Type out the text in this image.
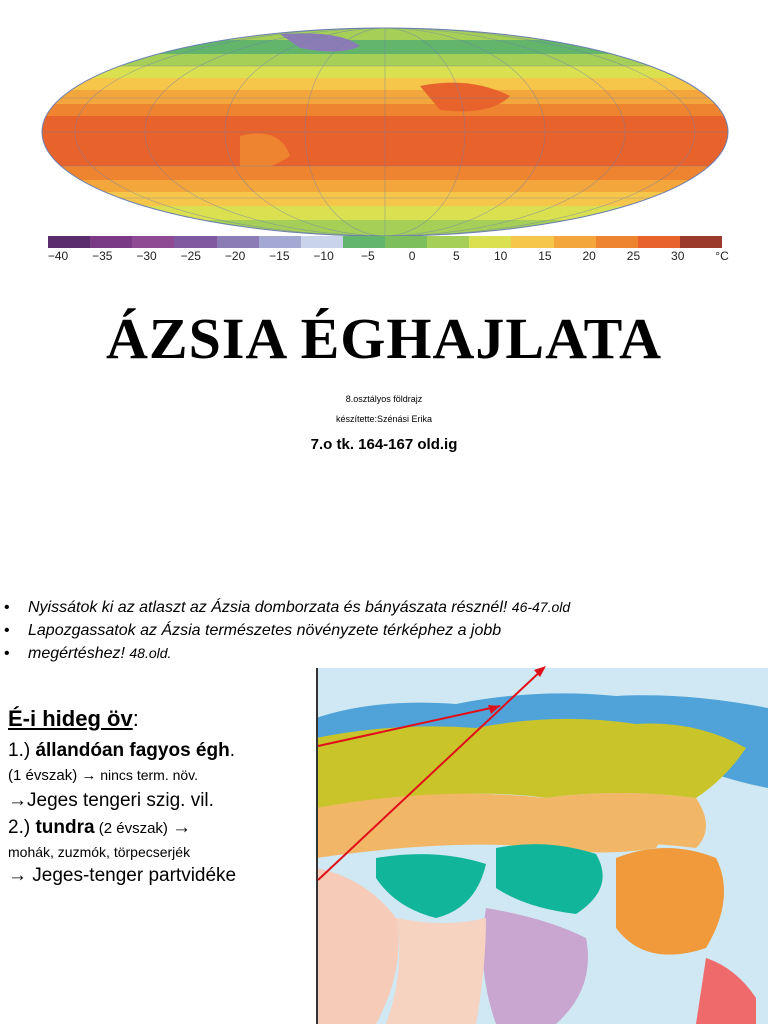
−40 −35 −30 −25 −20 −15 −10 −5	0	5	10	15	20	25	30	°C
ÁZSIA ÉGHAJLATA
8.osztályos földrajz
készítette:Szénási Erika
7.o tk. 164-167 old.ig
• Nyissátok ki az atlaszt az Ázsia domborzata és bányászata résznél! 46-47.old
• Lapozgassatok az Ázsia természetes növényzete térképhez a jobb
• megértéshez! 48.old.
É-i hideg öv:
1.) állandóan fagyos égh.
(1 évszak) → nincs term. növ.
→Jeges tengeri szig. vil.
2.) tundra (2 évszak) →
mohák, zuzmók, törpecserjék
→ Jeges-tenger partvidéke
